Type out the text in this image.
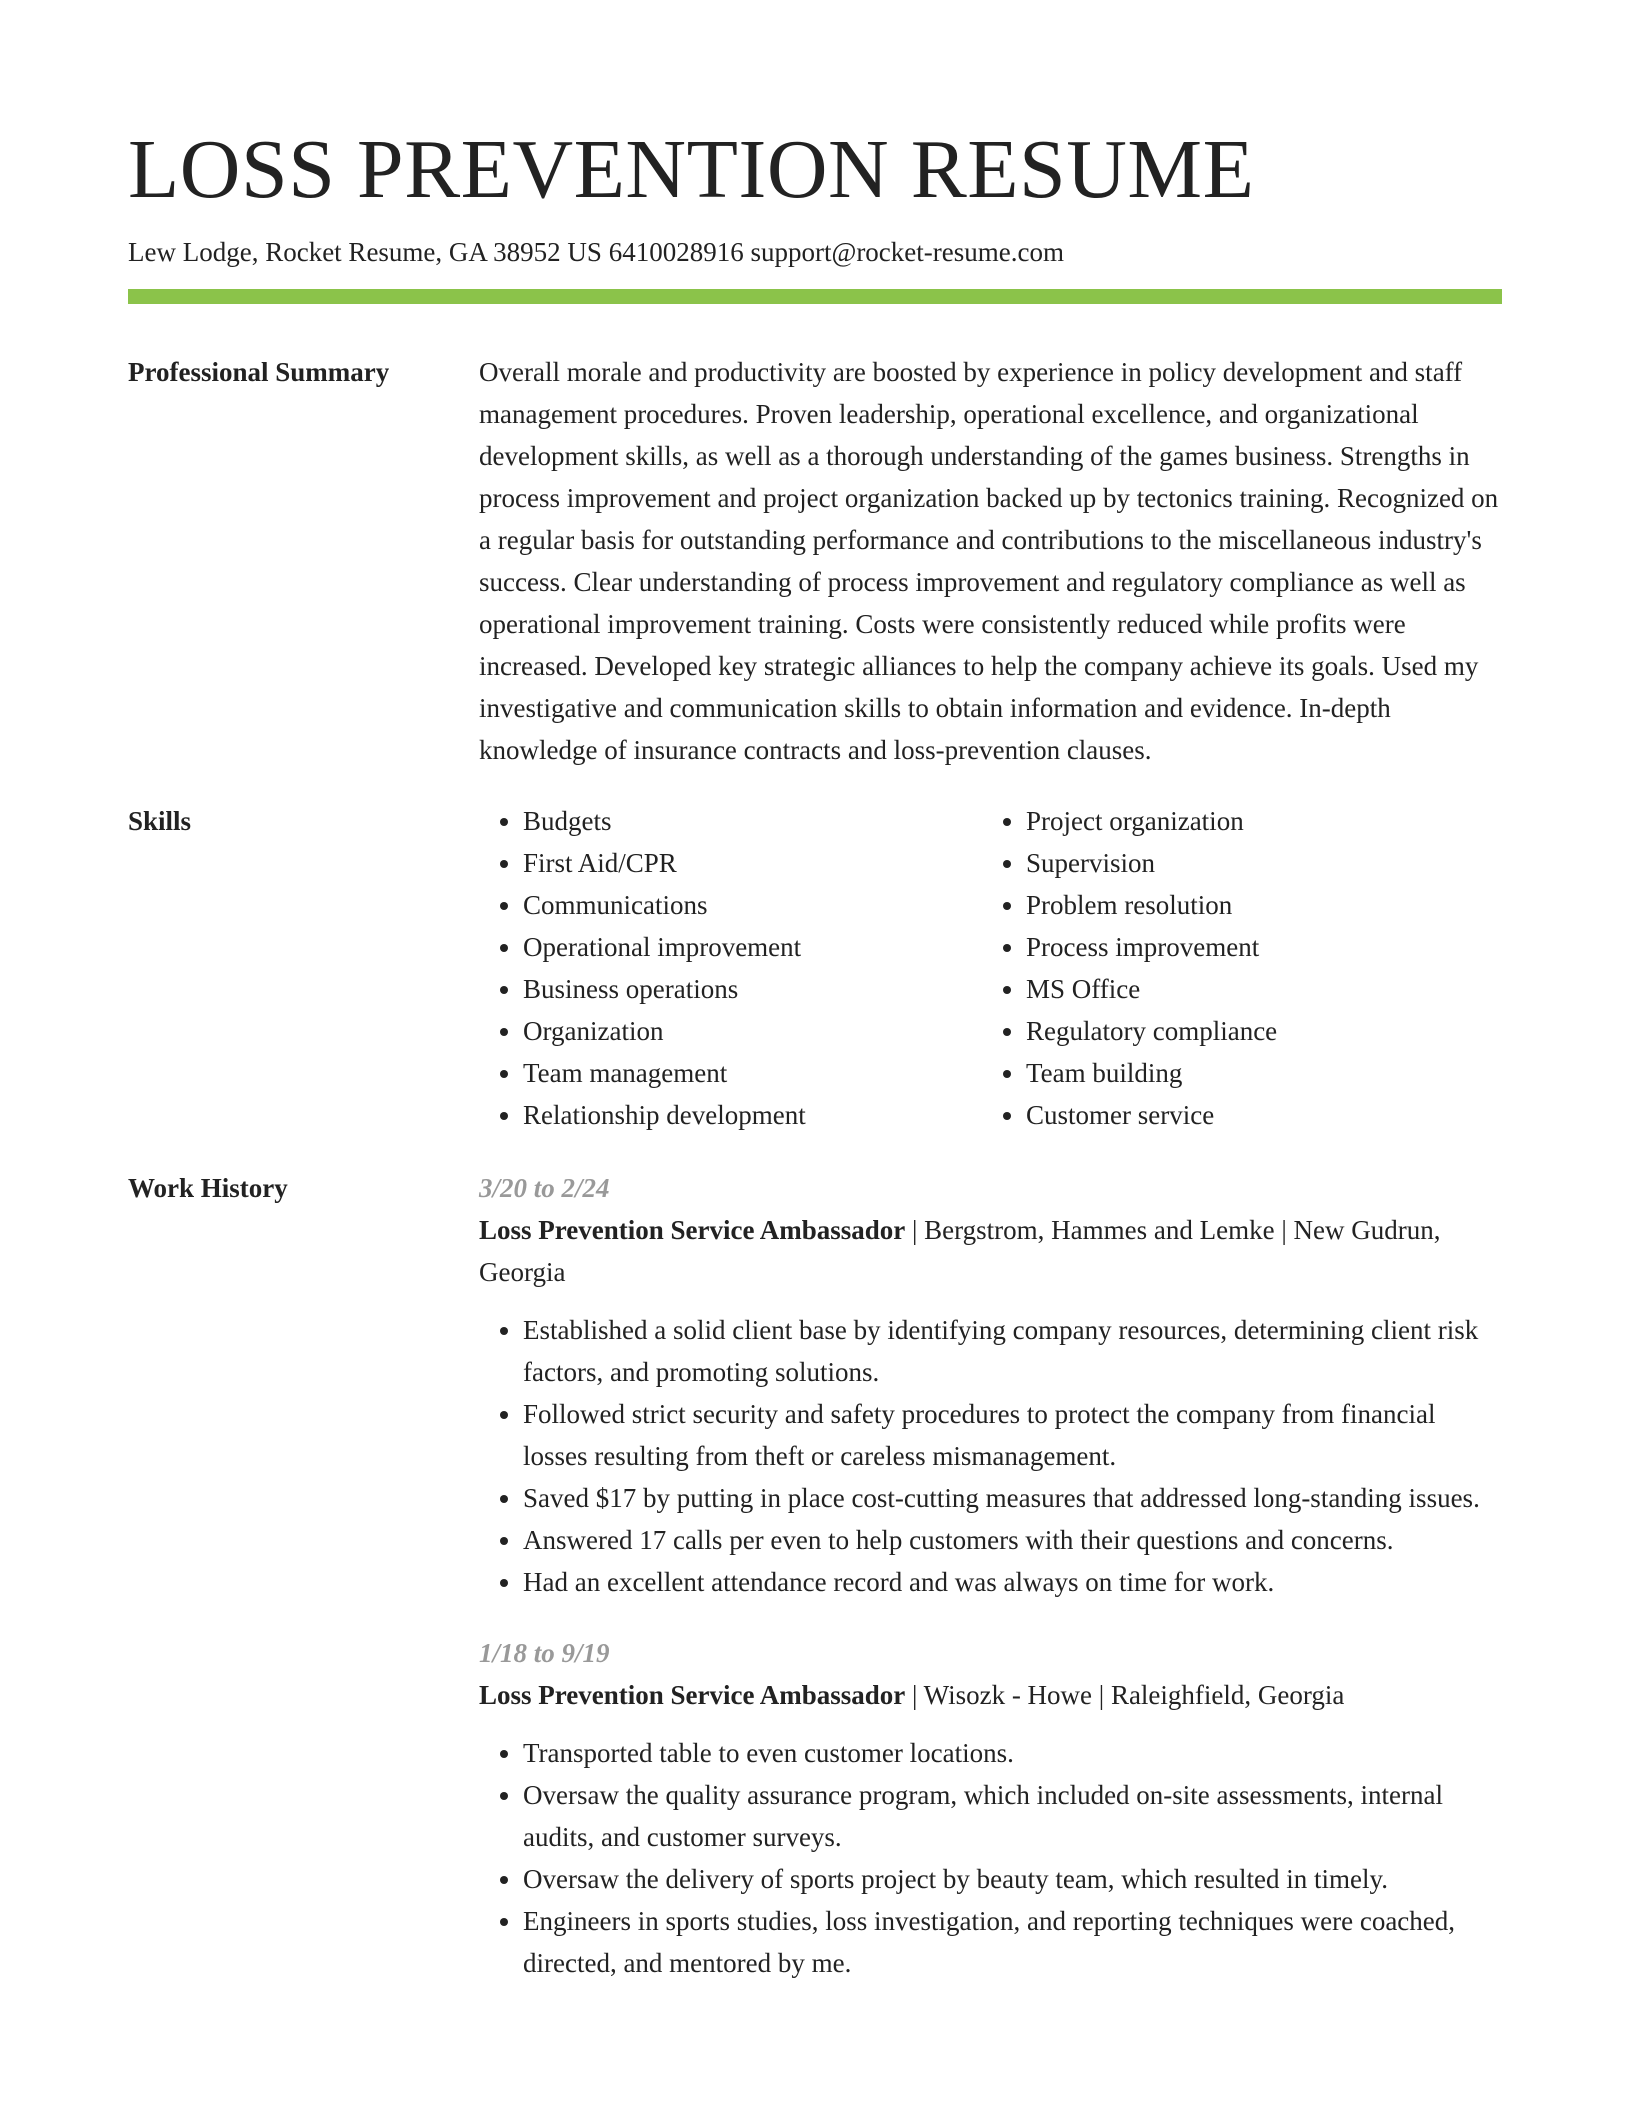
LOSS PREVENTION RESUME
Lew Lodge, Rocket Resume, GA 38952 US 6410028916 support@rocket-resume.com
Professional Summary	Overall morale and productivity are boosted by experience in policy development and staff management procedures. Proven leadership, operational excellence, and organizational development skills, as well as a thorough understanding of the games business. Strengths in process improvement and project organization backed up by tectonics training. Recognized on a regular basis for outstanding performance and contributions to the miscellaneous industry's success. Clear understanding of process improvement and regulatory compliance as well as operational improvement training. Costs were consistently reduced while profits were increased. Developed key strategic alliances to help the company achieve its goals. Used my investigative and communication skills to obtain information and evidence. In-depth knowledge of insurance contracts and loss-prevention clauses.

Skills
•	Budgets
• First Aid/CPR
• Communications
• Operational improvement
• Business operations
• Organization
• Team management
• Relationship development
• Project organization
• Supervision
• Problem resolution
• Process improvement
• MS Office
• Regulatory compliance
• Team building
• Customer service
Work History	3/20 to 2/24
Loss Prevention Service Ambassador | Bergstrom, Hammes and Lemke | New Gudrun, Georgia
• Established a solid client base by identifying company resources, determining client risk factors, and promoting solutions.
• Followed strict security and safety procedures to protect the company from financial losses resulting from theft or careless mismanagement.
• Saved $17 by putting in place cost-cutting measures that addressed long-standing issues.
• Answered 17 calls per even to help customers with their questions and concerns.
• Had an excellent attendance record and was always on time for work.
1/18 to 9/19
Loss Prevention Service Ambassador | Wisozk - Howe | Raleighfield, Georgia
• Transported table to even customer locations.
• Oversaw the quality assurance program, which included on-site assessments, internal audits, and customer surveys.
• Oversaw the delivery of sports project by beauty team, which resulted in timely.
• Engineers in sports studies, loss investigation, and reporting techniques were coached, directed, and mentored by me.
